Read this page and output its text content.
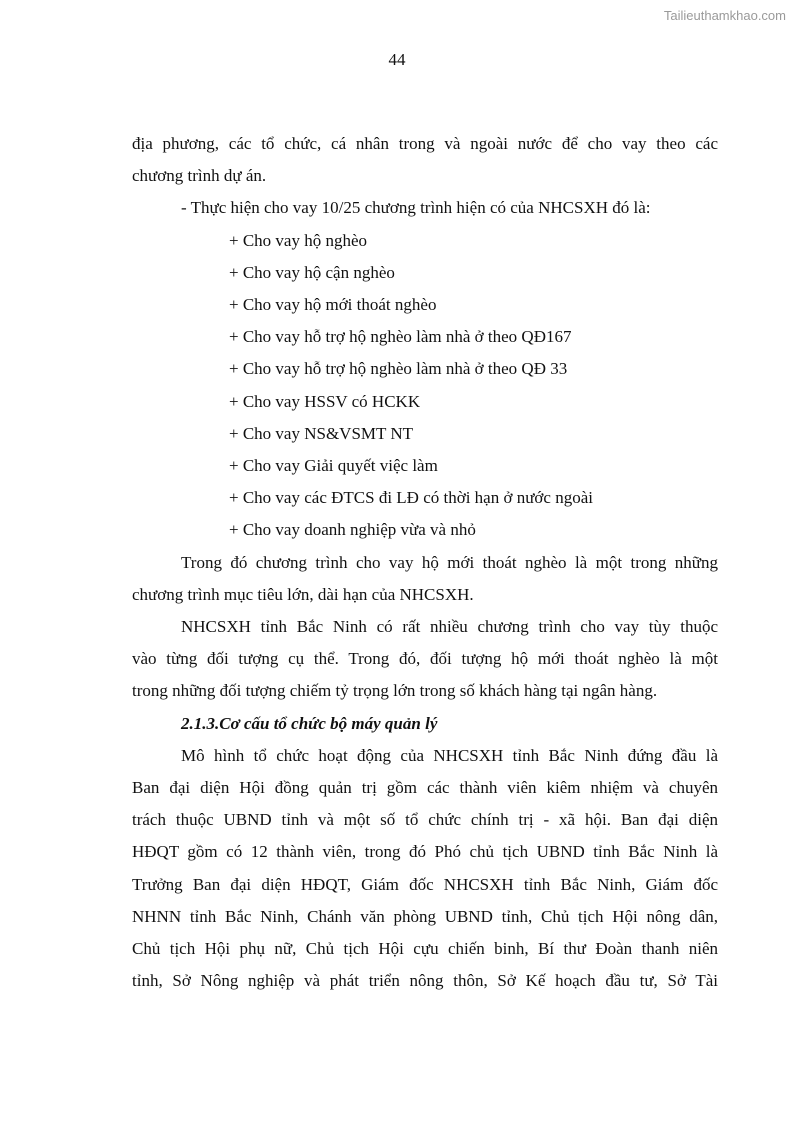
Tailieuthamkhao.com
44

địa phương, các tổ chức, cá nhân trong và ngoài nước để cho vay theo các
chương trình dự án.

- Thực hiện cho vay 10/25 chương trình hiện có của NHCSXH đó là:

+ Cho vay hộ nghèo
+ Cho vay hộ cận nghèo
+ Cho vay hộ mới thoát nghèo
+ Cho vay hỗ trợ hộ nghèo làm nhà ở theo QĐ167
+ Cho vay hỗ trợ hộ nghèo làm nhà ở theo QĐ 33
+ Cho vay HSSV có HCKK
+ Cho vay NS&VSMT NT
+ Cho vay Giải quyết việc làm
+ Cho vay các ĐTCS đi LĐ có thời hạn ở nước ngoài
+ Cho vay doanh nghiệp vừa và nhỏ

Trong đó chương trình cho vay hộ mới thoát nghèo là một trong những
chương trình mục tiêu lớn, dài hạn của NHCSXH.

NHCSXH tỉnh Bắc Ninh có rất nhiều chương trình cho vay tùy thuộc
vào từng đối tượng cụ thể. Trong đó, đối tượng hộ mới thoát nghèo là một
trong những đối tượng chiếm tỷ trọng lớn trong số khách hàng tại ngân hàng.

2.1.3.Cơ cấu tổ chức bộ máy quản lý

Mô hình tổ chức hoạt động của NHCSXH tỉnh Bắc Ninh đứng đầu là
Ban đại diện Hội đồng quản trị gồm các thành viên kiêm nhiệm và chuyên
trách thuộc UBND tỉnh và một số tổ chức chính trị - xã hội. Ban đại diện
HĐQT gồm có 12 thành viên, trong đó Phó chủ tịch UBND tỉnh Bắc Ninh là
Trưởng Ban đại diện HĐQT, Giám đốc NHCSXH tỉnh Bắc Ninh, Giám đốc
NHNN tỉnh Bắc Ninh, Chánh văn phòng UBND tỉnh, Chủ tịch Hội nông dân,
Chủ tịch Hội phụ nữ, Chủ tịch Hội cựu chiến binh, Bí thư Đoàn thanh niên
tỉnh, Sở Nông nghiệp và phát triển nông thôn, Sở Kế hoạch đầu tư, Sở Tài
